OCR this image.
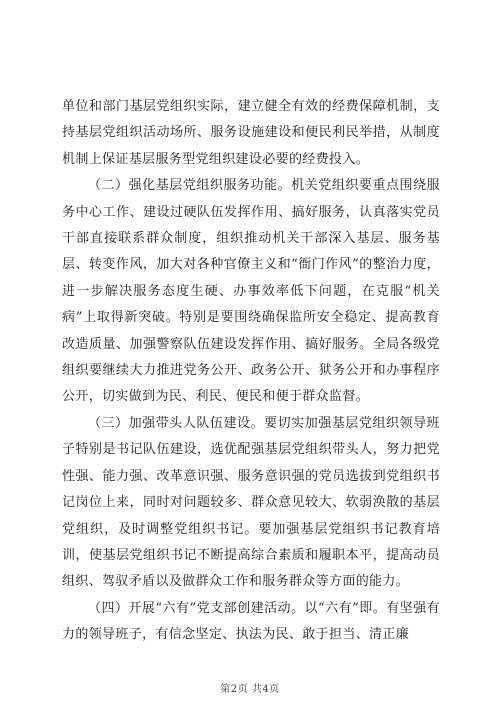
单位和部门基层党组织实际，建立健全有效的经费保障机制，支持基层党组织活动场所、服务设施建设和便民利民举措，从制度机制上保证基层服务型党组织建设必要的经费投入。

（二）强化基层党组织服务功能。机关党组织要重点围绕服务中心工作、建设过硬队伍发挥作用、搞好服务，认真落实党员干部直接联系群众制度，组织推动机关干部深入基层、服务基层、转变作风，加大对各种官僚主义和“衙门作风”的整治力度，进一步解决服务态度生硬、办事效率低下问题，在克服“机关病”上取得新突破。特别是要围绕确保监所安全稳定、提高教育改造质量、加强警察队伍建设发挥作用、搞好服务。全局各级党组织要继续大力推进党务公开、政务公开、狱务公开和办事程序公开，切实做到为民、利民、便民和便于群众监督。

（三）加强带头人队伍建设。要切实加强基层党组织领导班子特别是书记队伍建设，选优配强基层党组织带头人，努力把党性强、能力强、改革意识强、服务意识强的党员选拔到党组织书记岗位上来，同时对问题较多、群众意见较大、软弱涣散的基层党组织，及时调整党组织书记。要加强基层党组织书记教育培训，使基层党组织书记不断提高综合素质和履职本平，提高动员组织、驾驭矛盾以及做群众工作和服务群众等方面的能力。

（四）开展“六有”党支部创建活动。以“六有”即。有坚强有力的领导班子，有信念坚定、执法为民、敢于担当、清正廉

第2页 共4页
